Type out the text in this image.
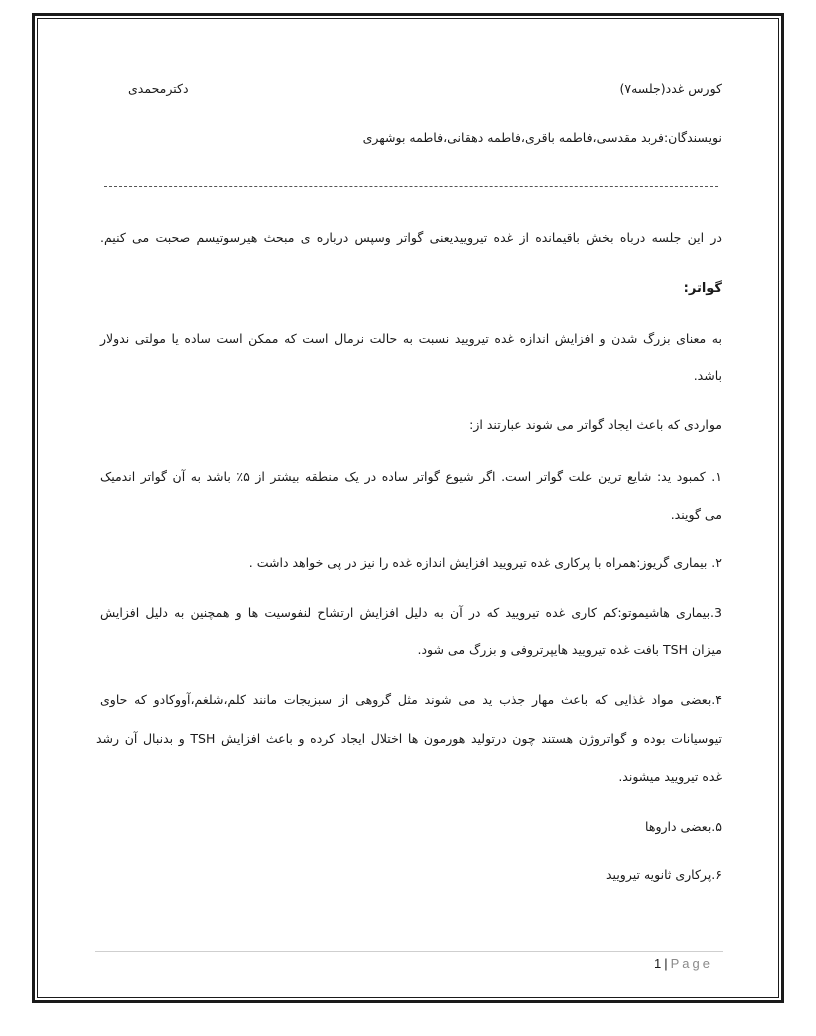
کورس غدد(جلسه۷)
دکترمحمدی
نویسندگان:فربد مقدسی،فاطمه باقری،فاطمه دهقانی،فاطمه بوشهری
در این جلسه درباه بخش باقیمانده از غده تیروییدیعنی گواتر وسپس درباره ی مبحث هیرسوتیسم صحبت می کنیم.
گواتر:
به معنای بزرگ شدن و افزایش اندازه غده تیرویید نسبت به حالت نرمال است که ممکن است ساده یا مولتی ندولار
باشد.
مواردی که باعث ایجاد گواتر می شوند عبارتند از:
۱. کمبود ید: شایع ترین علت گواتر است. اگر شیوع گواتر ساده در یک منطقه بیشتر از ۵٪ باشد به آن گواتر اندمیک
می گویند.
۲. بیماری گریوز:همراه با پرکاری غده تیرویید افزایش اندازه غده را نیز در پی خواهد داشت .
3.بیماری هاشیموتو:کم کاری غده تیرویید که در آن به دلیل افزایش ارتشاح لنفوسیت ها و همچنین به دلیل افزایش
میزان TSH بافت غده تیرویید هایپرتروفی و بزرگ می شود.
۴.بعضی مواد غذایی که باعث مهار جذب ید می شوند مثل گروهی از سبزیجات مانند کلم،شلغم،آووکادو که حاوی
تیوسیانات بوده و گواتروژن هستند چون درتولید هورمون ها اختلال ایجاد کرده و باعث افزایش TSH و بدنبال آن رشد
غده تیرویید میشوند.
۵.بعضی داروها
۶.پرکاری ثانویه تیرویید
1 | Page
